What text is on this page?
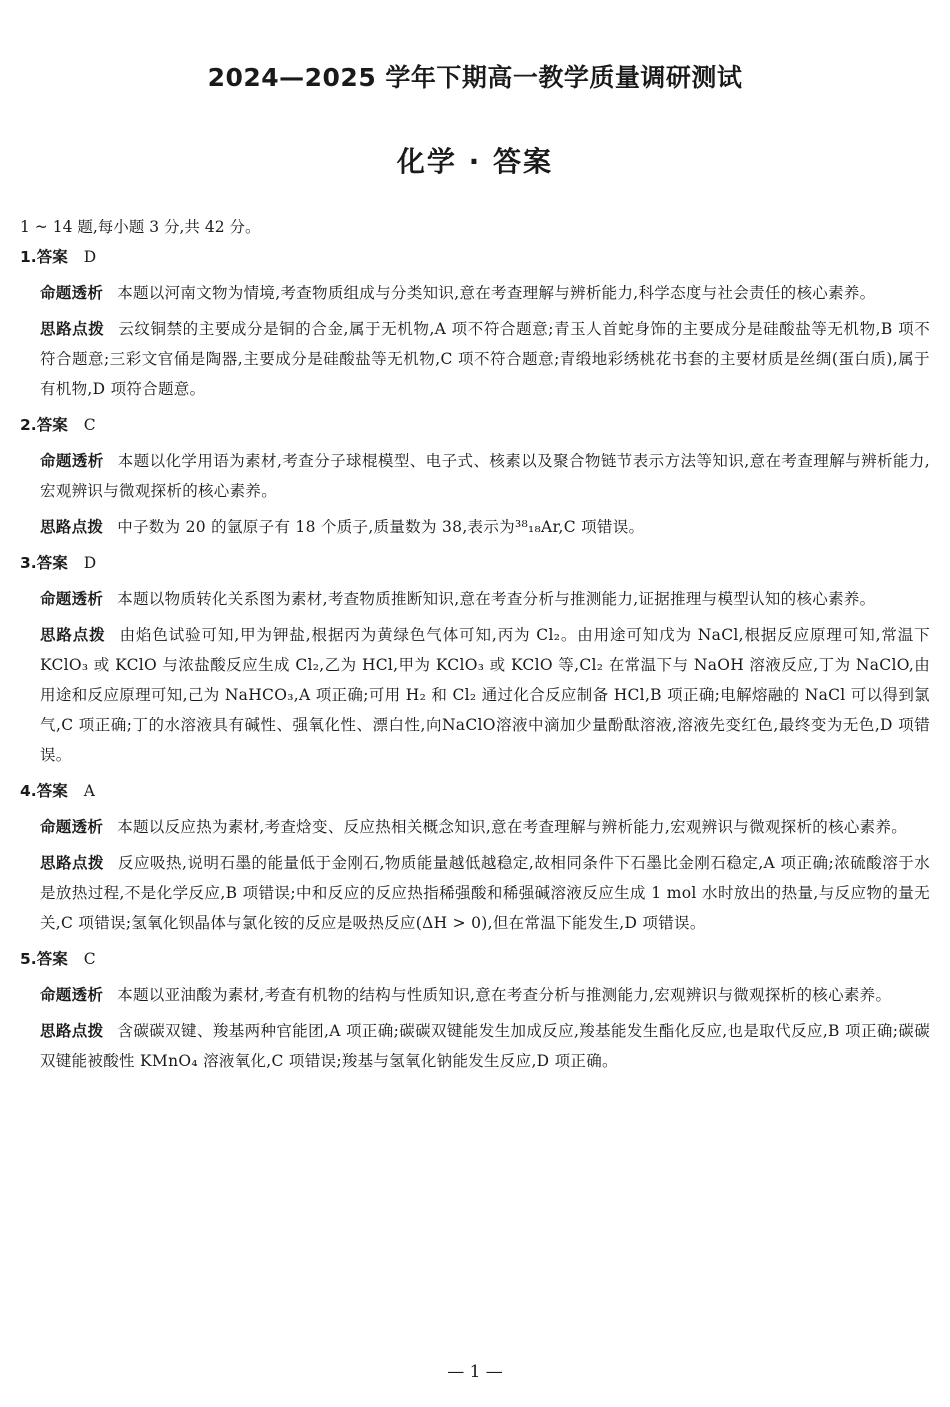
2024—2025 学年下期高一教学质量调研测试
化学 · 答案

1 ~ 14 题,每小题 3 分,共 42 分。

1.答案 D

命题透析 本题以河南文物为情境,考查物质组成与分类知识,意在考查理解与辨析能力,科学态度与社会责任的核心素养。

思路点拨 云纹铜禁的主要成分是铜的合金,属于无机物,A 项不符合题意;青玉人首蛇身饰的主要成分是硅酸盐等无机物,B 项不符合题意;三彩文官俑是陶器,主要成分是硅酸盐等无机物,C 项不符合题意;青缎地彩绣桃花书套的主要材质是丝绸(蛋白质),属于有机物,D 项符合题意。

2.答案 C

命题透析 本题以化学用语为素材,考查分子球棍模型、电子式、核素以及聚合物链节表示方法等知识,意在考查理解与辨析能力,宏观辨识与微观探析的核心素养。

思路点拨 中子数为 20 的氩原子有 18 个质子,质量数为 38,表示为³⁸₁₈Ar,C 项错误。

3.答案 D

命题透析 本题以物质转化关系图为素材,考查物质推断知识,意在考查分析与推测能力,证据推理与模型认知的核心素养。

思路点拨 由焰色试验可知,甲为钾盐,根据丙为黄绿色气体可知,丙为 Cl₂。由用途可知戊为 NaCl,根据反应原理可知,常温下 KClO₃ 或 KClO 与浓盐酸反应生成 Cl₂,乙为 HCl,甲为 KClO₃ 或 KClO 等,Cl₂ 在常温下与 NaOH 溶液反应,丁为 NaClO,由用途和反应原理可知,己为 NaHCO₃,A 项正确;可用 H₂ 和 Cl₂ 通过化合反应制备 HCl,B 项正确;电解熔融的 NaCl 可以得到氯气,C 项正确;丁的水溶液具有碱性、强氧化性、漂白性,向NaClO溶液中滴加少量酚酞溶液,溶液先变红色,最终变为无色,D 项错误。

4.答案 A

命题透析 本题以反应热为素材,考查焓变、反应热相关概念知识,意在考查理解与辨析能力,宏观辨识与微观探析的核心素养。

思路点拨 反应吸热,说明石墨的能量低于金刚石,物质能量越低越稳定,故相同条件下石墨比金刚石稳定,A 项正确;浓硫酸溶于水是放热过程,不是化学反应,B 项错误;中和反应的反应热指稀强酸和稀强碱溶液反应生成 1 mol 水时放出的热量,与反应物的量无关,C 项错误;氢氧化钡晶体与氯化铵的反应是吸热反应(ΔH > 0),但在常温下能发生,D 项错误。

5.答案 C

命题透析 本题以亚油酸为素材,考查有机物的结构与性质知识,意在考查分析与推测能力,宏观辨识与微观探析的核心素养。

思路点拨 含碳碳双键、羧基两种官能团,A 项正确;碳碳双键能发生加成反应,羧基能发生酯化反应,也是取代反应,B 项正确;碳碳双键能被酸性 KMnO₄ 溶液氧化,C 项错误;羧基与氢氧化钠能发生反应,D 项正确。

— 1 —
